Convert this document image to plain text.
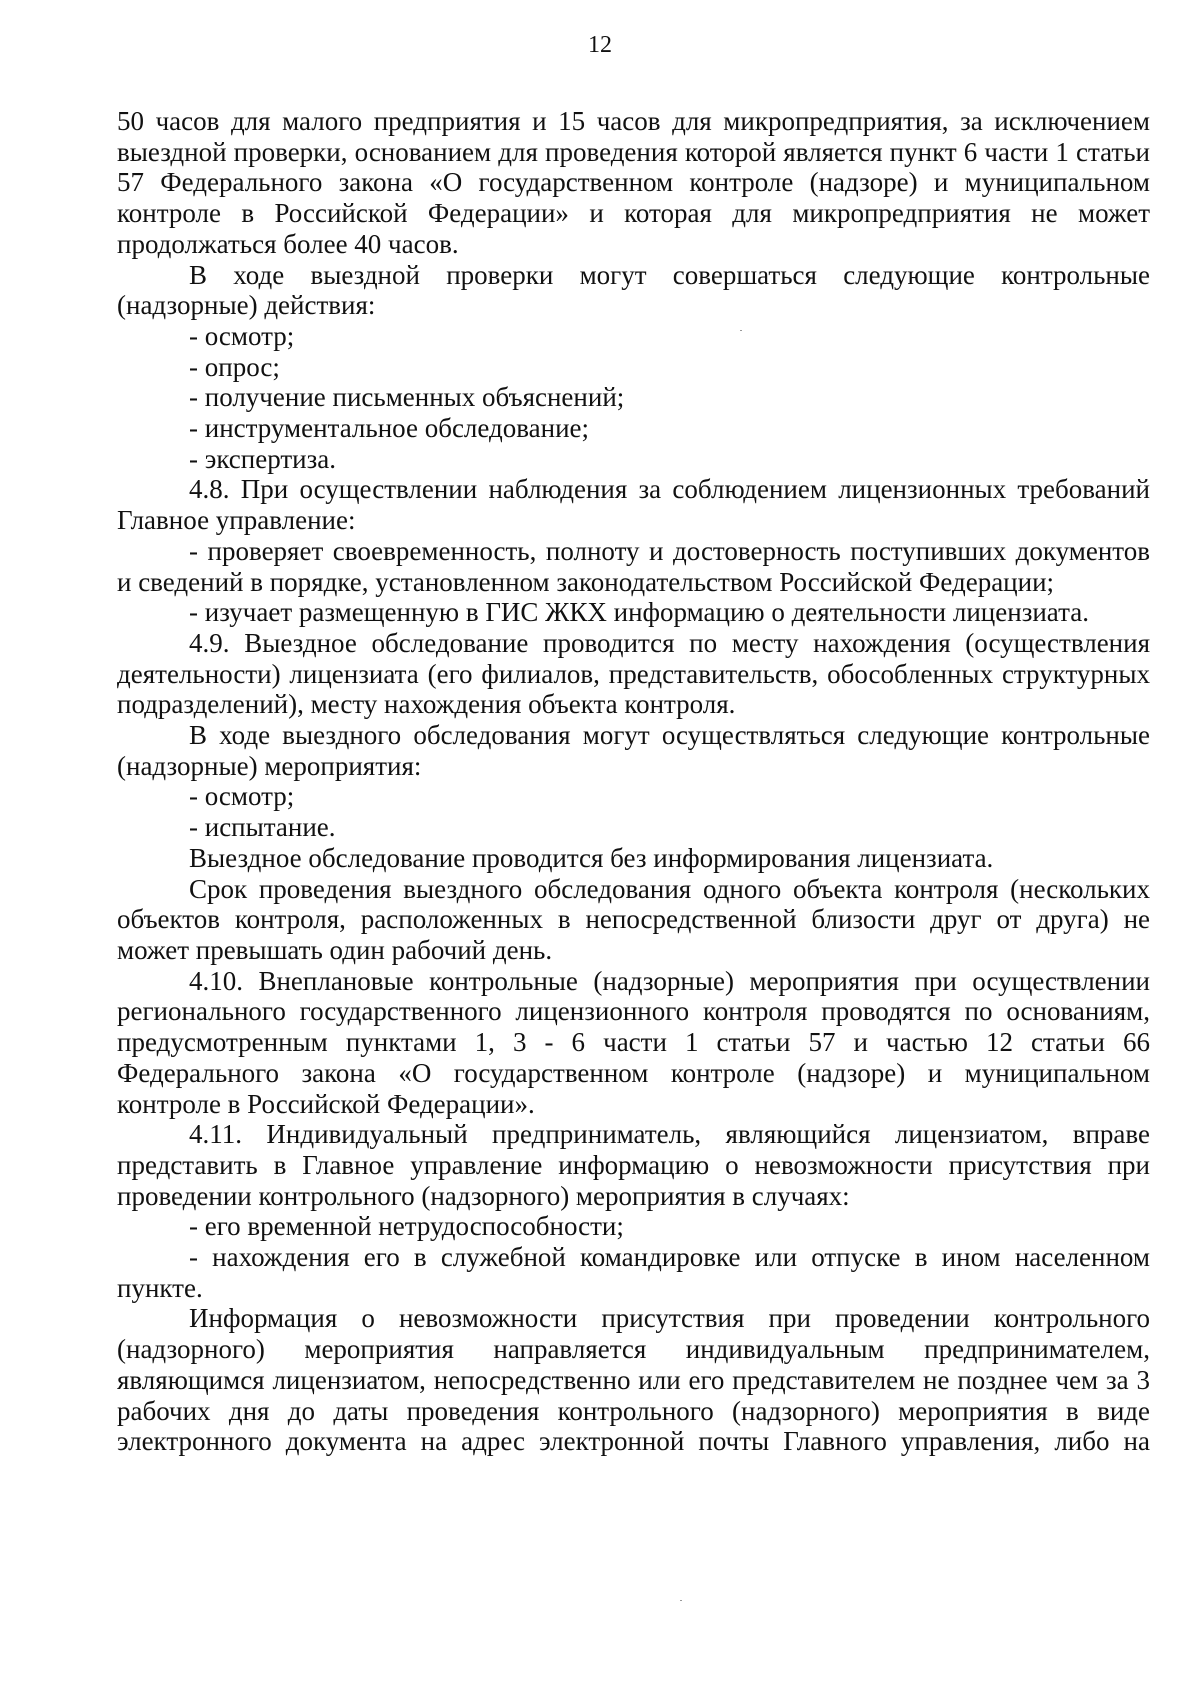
12

50 часов для малого предприятия и 15 часов для микропредприятия, за исключением выездной проверки, основанием для проведения которой является пункт 6 части 1 статьи 57 Федерального закона «О государственном контроле (надзоре) и муниципальном контроле в Российской Федерации» и которая для микропредприятия не может продолжаться более 40 часов.

В ходе выездной проверки могут совершаться следующие контрольные (надзорные) действия:

- осмотр;

- опрос;

- получение письменных объяснений;

- инструментальное обследование;

- экспертиза.

4.8. При осуществлении наблюдения за соблюдением лицензионных требований Главное управление:

- проверяет своевременность, полноту и достоверность поступивших документов и сведений в порядке, установленном законодательством Российской Федерации;

- изучает размещенную в ГИС ЖКХ информацию о деятельности лицензиата.

4.9. Выездное обследование проводится по месту нахождения (осуществления деятельности) лицензиата (его филиалов, представительств, обособленных структурных подразделений), месту нахождения объекта контроля.

В ходе выездного обследования могут осуществляться следующие контрольные (надзорные) мероприятия:

- осмотр;

- испытание.

Выездное обследование проводится без информирования лицензиата.

Срок проведения выездного обследования одного объекта контроля (нескольких объектов контроля, расположенных в непосредственной близости друг от друга) не может превышать один рабочий день.

4.10. Внеплановые контрольные (надзорные) мероприятия при осуществлении регионального государственного лицензионного контроля проводятся по основаниям, предусмотренным пунктами 1, 3 - 6 части 1 статьи 57 и частью 12 статьи 66 Федерального закона «О государственном контроле (надзоре) и муниципальном контроле в Российской Федерации».

4.11. Индивидуальный предприниматель, являющийся лицензиатом, вправе представить в Главное управление информацию о невозможности присутствия при проведении контрольного (надзорного) мероприятия в случаях:

- его временной нетрудоспособности;

- нахождения его в служебной командировке или отпуске в ином населенном пункте.

Информация о невозможности присутствия при проведении контрольного (надзорного) мероприятия направляется индивидуальным предпринимателем, являющимся лицензиатом, непосредственно или его представителем не позднее чем за 3 рабочих дня до даты проведения контрольного (надзорного) мероприятия в виде электронного документа на адрес электронной почты Главного управления, либо на
